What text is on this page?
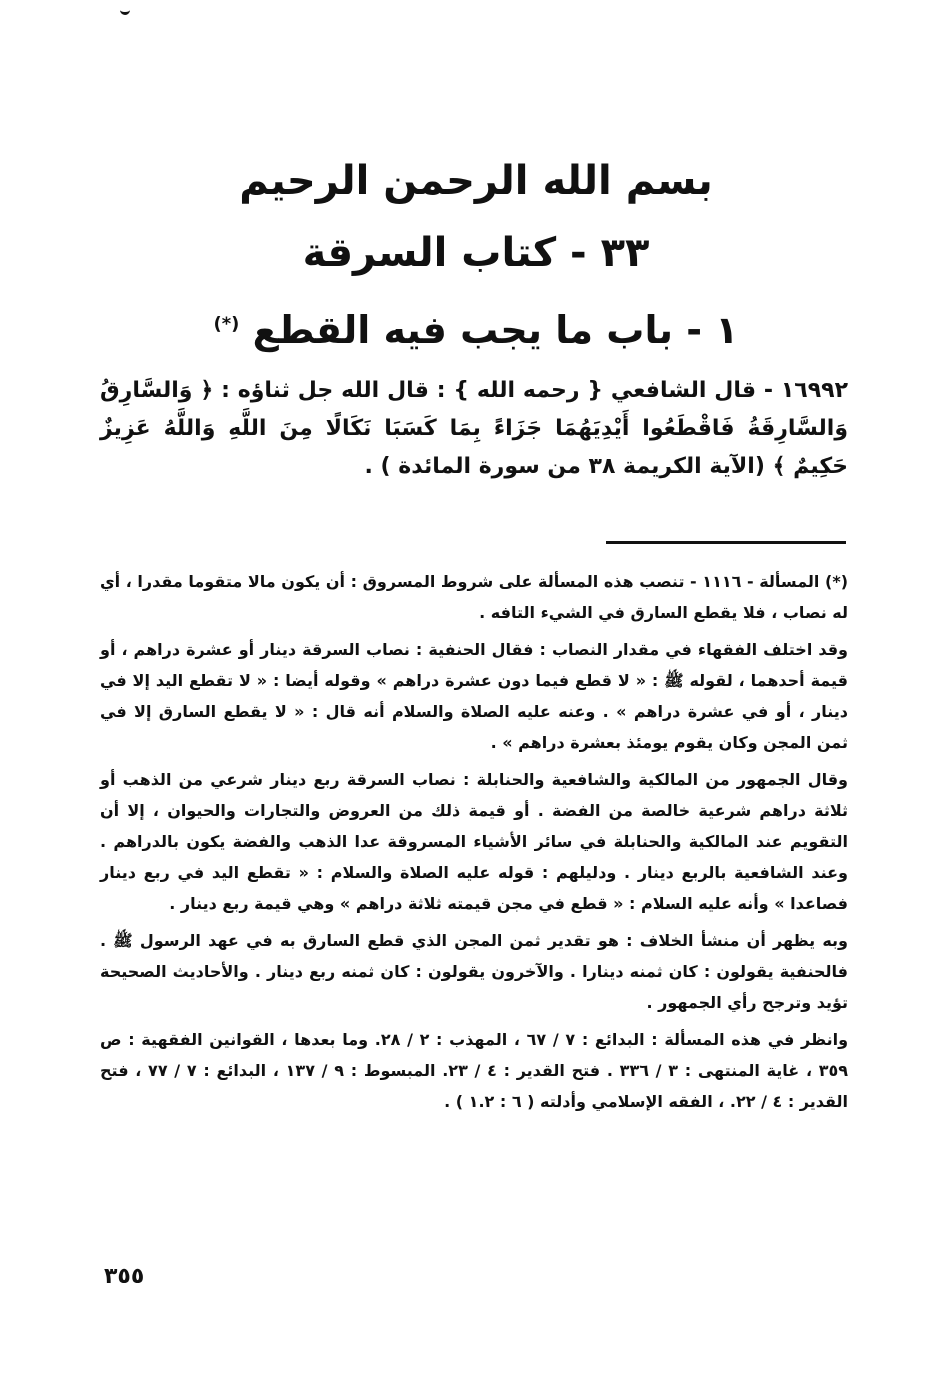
بسم الله الرحمن الرحيم
٣٣ - كتاب السرقة
١ - باب ما يجب فيه القطع (*)
١٦٩٩٢ - قال الشافعي { رحمه الله } : قال الله جل ثناؤه : ﴿ وَالسَّارِقُ وَالسَّارِقَةُ فَاقْطَعُوا أَيْدِيَهُمَا جَزَاءً بِمَا كَسَبَا نَكَالًا مِنَ اللَّهِ وَاللَّهُ عَزِيزٌ حَكِيمٌ ﴾ (الآية الكريمة ٣٨ من سورة المائدة ) .

(*) المسألة - ١١١٦ - تنصب هذه المسألة على شروط المسروق : أن يكون مالا متقوما مقدرا ، أي له نصاب ، فلا يقطع السارق في الشيء التافه .

وقد اختلف الفقهاء في مقدار النصاب : فقال الحنفية : نصاب السرقة دينار أو عشرة دراهم ، أو قيمة أحدهما ، لقوله ﷺ : « لا قطع فيما دون عشرة دراهم » وقوله أيضا : « لا تقطع اليد إلا في دينار ، أو في عشرة دراهم » . وعنه عليه الصلاة والسلام أنه قال : « لا يقطع السارق إلا في ثمن المجن وكان يقوم يومئذ بعشرة دراهم » .

وقال الجمهور من المالكية والشافعية والحنابلة : نصاب السرقة ربع دينار شرعي من الذهب أو ثلاثة دراهم شرعية خالصة من الفضة . أو قيمة ذلك من العروض والتجارات والحيوان ، إلا أن التقويم عند المالكية والحنابلة في سائر الأشياء المسروقة عدا الذهب والفضة يكون بالدراهم . وعند الشافعية بالربع دينار . ودليلهم : قوله عليه الصلاة والسلام : « تقطع اليد في ربع دينار فصاعدا » وأنه عليه السلام : « قطع في مجن قيمته ثلاثة دراهم » وهي قيمة ربع دينار .

وبه يظهر أن منشأ الخلاف : هو تقدير ثمن المجن الذي قطع السارق به في عهد الرسول ﷺ . فالحنفية يقولون : كان ثمنه دينارا . والآخرون يقولون : كان ثمنه ربع دينار . والأحاديث الصحيحة تؤيد وترجح رأي الجمهور .

وانظر في هذه المسألة : البدائع : ٧ / ٦٧ ، المهذب : ٢ / ٢٨. وما بعدها ، القوانين الفقهية : ص ٣٥٩ ، غاية المنتهى : ٣ / ٣٣٦ . فتح القدير : ٤ / ٢٣. المبسوط : ٩ / ١٣٧ ، البدائع : ٧ / ٧٧ ، فتح القدير : ٤ / ٢٢. ، الفقه الإسلامي وأدلته ( ٦ : ١.٢ ) .

٣٥٥
